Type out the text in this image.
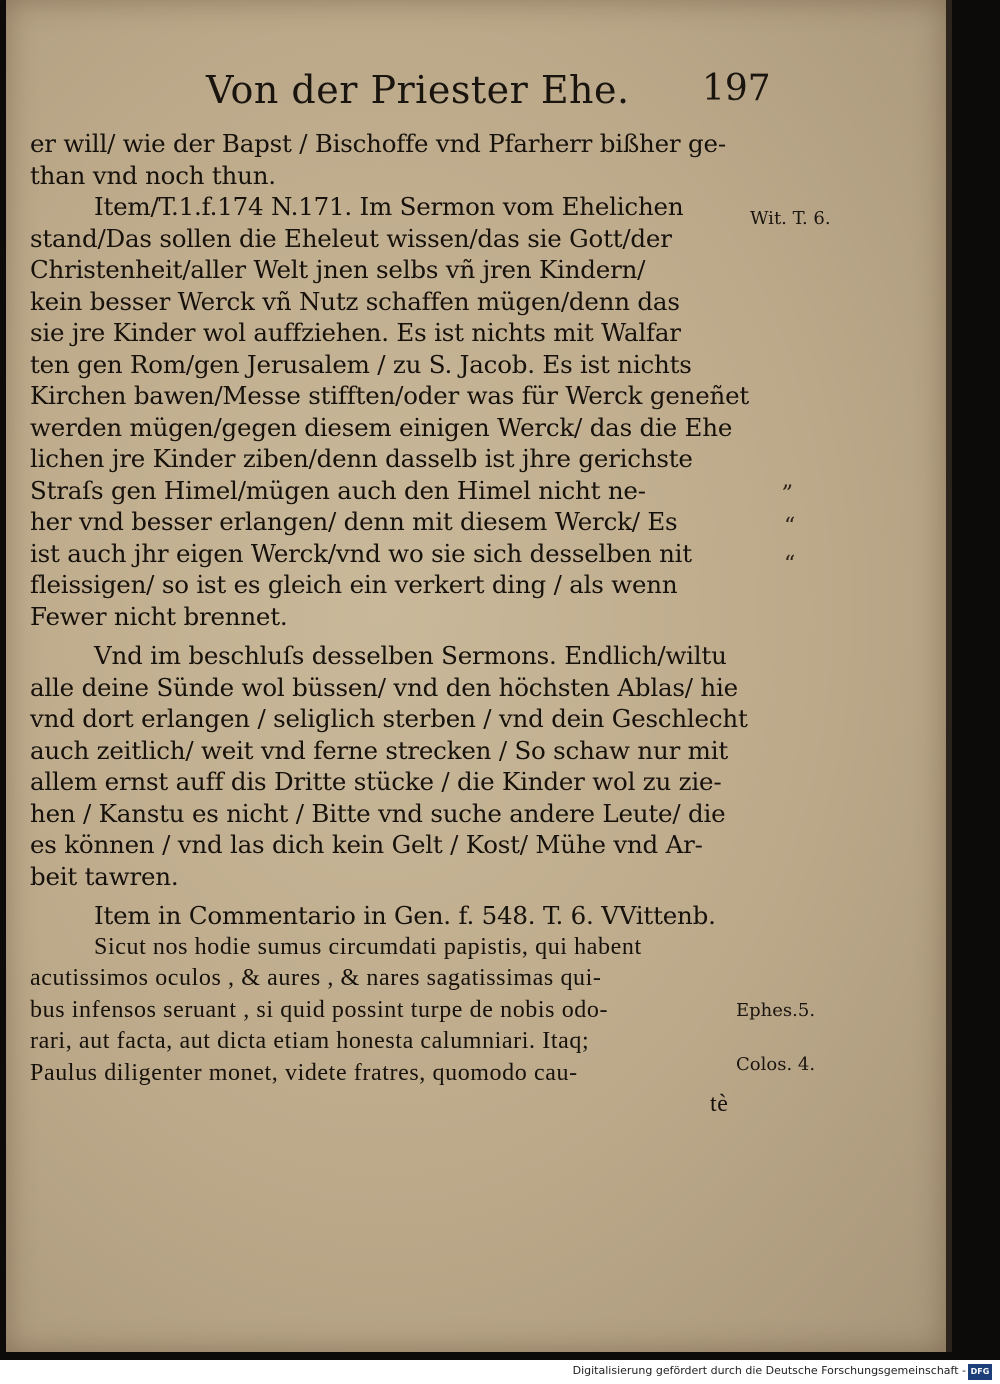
Von der Priester Ehe. 197
er will/ wie der Bapst / Bischoffe vnd Pfarherr bißher ge-
than vnd noch thun.
Item/T.1.f.174 N.171. Im Sermon vom Ehelichen
stand/Das sollen die Eheleut wissen/das sie Gott/der
Christenheit/aller Welt jnen selbs vñ jren Kindern/
kein besser Werck vñ Nutz schaffen mügen/denn das
sie jre Kinder wol auffziehen. Es ist nichts mit Walfar
ten gen Rom/gen Jerusalem / zu S. Jacob. Es ist nichts
Kirchen bawen/Messe stifften/oder was für Werck geneñet
werden mügen/gegen diesem einigen Werck/ das die Ehe
lichen jre Kinder ziben/denn dasselb ist jhre gerichste
Straſs gen Himel/mügen auch den Himel nicht ne-
her vnd besser erlangen/ denn mit diesem Werck/ Es
ist auch jhr eigen Werck/vnd wo sie sich desselben nit
fleissigen/ so ist es gleich ein verkert ding / als wenn
Fewer nicht brennet.
Vnd im beschluſs desselben Sermons. Endlich/wiltu
alle deine Sünde wol büssen/ vnd den höchsten Ablas/ hie
vnd dort erlangen / seliglich sterben / vnd dein Geschlecht
auch zeitlich/ weit vnd ferne strecken / So schaw nur mit
allem ernst auff dis Dritte stücke / die Kinder wol zu zie-
hen / Kanstu es nicht / Bitte vnd suche andere Leute/ die
es können / vnd las dich kein Gelt / Kost/ Mühe vnd Ar-
beit tawren.
Item in Commentario in Gen. f. 548. T. 6. VVittenb.
Sicut nos hodie sumus circumdati papistis, qui habent
acutissimos oculos , & aures , & nares sagatissimas qui-
bus infensos seruant , si quid possint turpe de nobis odo-
rari, aut facta, aut dicta etiam honesta calumniari. Itaq;
Paulus diligenter monet, videte fratres, quomodo cau-
tè
Wit. T. 6.
Ephes.5.
Colos. 4.
„
“
“
Digitalisierung gefördert durch die Deutsche Forschungsgemeinschaft - DFG
